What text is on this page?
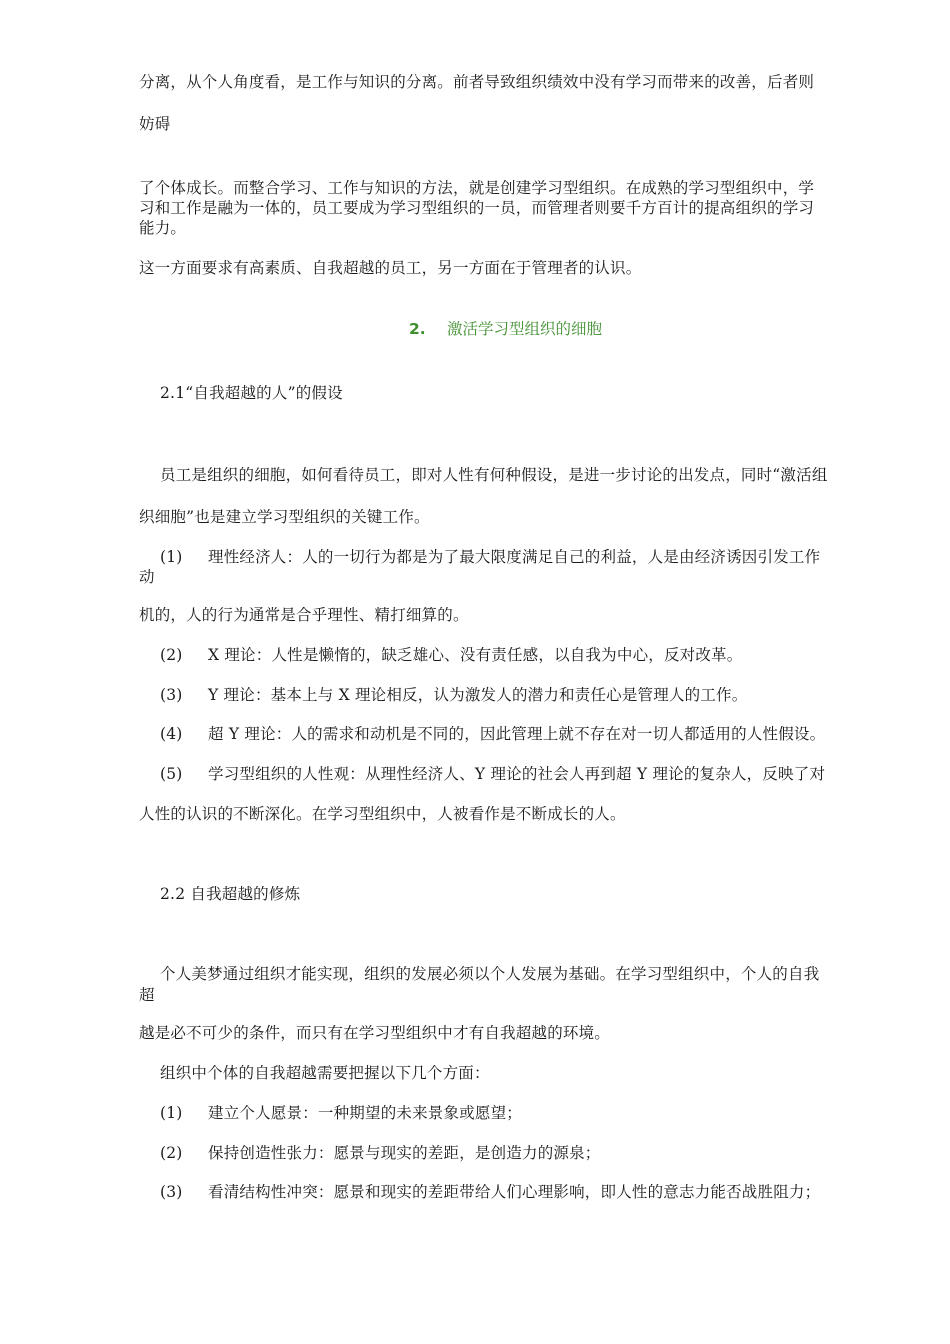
分离，从个人角度看，是工作与知识的分离。前者导致组织绩效中没有学习而带来的改善，后者则
妨碍
了个体成长。而整合学习、工作与知识的方法，就是创建学习型组织。在成熟的学习型组织中，学
习和工作是融为一体的，员工要成为学习型组织的一员，而管理者则要千方百计的提高组织的学习
能力。
这一方面要求有高素质、自我超越的员工，另一方面在于管理者的认识。
2. 激活学习型组织的细胞
2.1“自我超越的人”的假设
员工是组织的细胞，如何看待员工，即对人性有何种假设，是进一步讨论的出发点，同时“激活组
织细胞”也是建立学习型组织的关键工作。
(1) 理性经济人：人的一切行为都是为了最大限度满足自己的利益，人是由经济诱因引发工作
动
机的，人的行为通常是合乎理性、精打细算的。
(2) X 理论：人性是懒惰的，缺乏雄心、没有责任感，以自我为中心，反对改革。
(3) Y 理论：基本上与 X 理论相反，认为激发人的潜力和责任心是管理人的工作。
(4) 超 Y 理论：人的需求和动机是不同的，因此管理上就不存在对一切人都适用的人性假设。
(5) 学习型组织的人性观：从理性经济人、Y 理论的社会人再到超 Y 理论的复杂人，反映了对
人性的认识的不断深化。在学习型组织中，人被看作是不断成长的人。
2.2 自我超越的修炼
个人美梦通过组织才能实现，组织的发展必须以个人发展为基础。在学习型组织中，个人的自我
超
越是必不可少的条件，而只有在学习型组织中才有自我超越的环境。
组织中个体的自我超越需要把握以下几个方面：
(1) 建立个人愿景：一种期望的未来景象或愿望；
(2) 保持创造性张力：愿景与现实的差距，是创造力的源泉；
(3) 看清结构性冲突：愿景和现实的差距带给人们心理影响，即人性的意志力能否战胜阻力；
